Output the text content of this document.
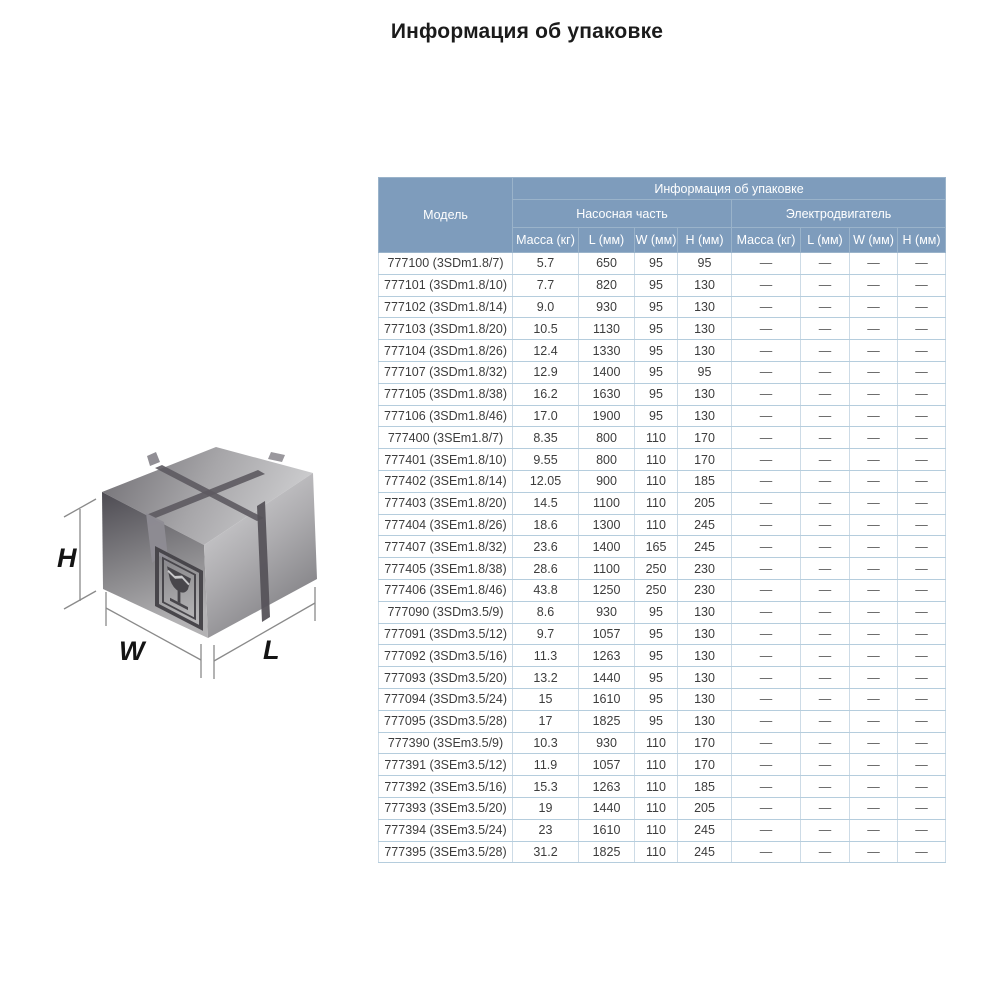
Информация об упаковке
H
W	L
Модель	Информация об упаковке							
	Насосная часть				Электродвигатель			
	Масса (кг)	L (мм)	W (мм)	H (мм)	Масса (кг)	L (мм)	W (мм)	H (мм)
777100 (3SDm1.8/7)	5.7	650	95	95	—	—	—	—
777101 (3SDm1.8/10)	7.7	820	95	130	—	—	—	—
777102 (3SDm1.8/14)	9.0	930	95	130	—	—	—	—
777103 (3SDm1.8/20)	10.5	1130	95	130	—	—	—	—
777104 (3SDm1.8/26)	12.4	1330	95	130	—	—	—	—
777107 (3SDm1.8/32)	12.9	1400	95	95	—	—	—	—
777105 (3SDm1.8/38)	16.2	1630	95	130	—	—	—	—
777106 (3SDm1.8/46)	17.0	1900	95	130	—	—	—	—
777400 (3SEm1.8/7)	8.35	800	110	170	—	—	—	—
777401 (3SEm1.8/10)	9.55	800	110	170	—	—	—	—
777402 (3SEm1.8/14)	12.05	900	110	185	—	—	—	—
777403 (3SEm1.8/20)	14.5	1100	110	205	—	—	—	—
777404 (3SEm1.8/26)	18.6	1300	110	245	—	—	—	—
777407 (3SEm1.8/32)	23.6	1400	165	245	—	—	—	—
777405 (3SEm1.8/38)	28.6	1100	250	230	—	—	—	—
777406 (3SEm1.8/46)	43.8	1250	250	230	—	—	—	—
777090 (3SDm3.5/9)	8.6	930	95	130	—	—	—	—
777091 (3SDm3.5/12)	9.7	1057	95	130	—	—	—	—
777092 (3SDm3.5/16)	11.3	1263	95	130	—	—	—	—
777093 (3SDm3.5/20)	13.2	1440	95	130	—	—	—	—
777094 (3SDm3.5/24)	15	1610	95	130	—	—	—	—
777095 (3SDm3.5/28)	17	1825	95	130	—	—	—	—
777390 (3SEm3.5/9)	10.3	930	110	170	—	—	—	—
777391 (3SEm3.5/12)	11.9	1057	110	170	—	—	—	—
777392 (3SEm3.5/16)	15.3	1263	110	185	—	—	—	—
777393 (3SEm3.5/20)	19	1440	110	205	—	—	—	—
777394 (3SEm3.5/24)	23	1610	110	245	—	—	—	—
777395 (3SEm3.5/28)	31.2	1825	110	245	—	—	—	—
